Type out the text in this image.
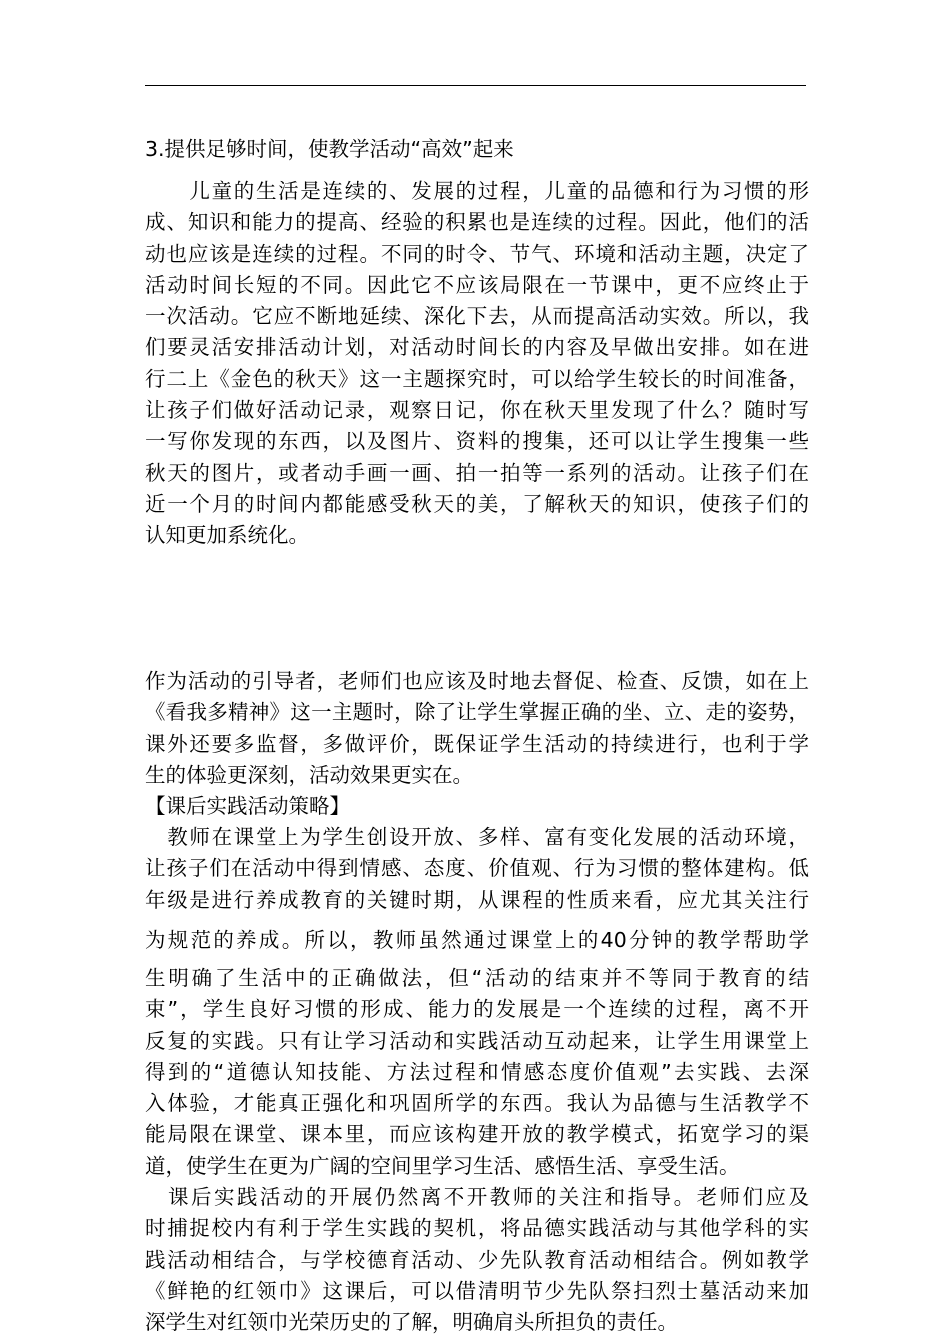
3.提供足够时间，使教学活动“高效”起来
　　儿童的生活是连续的、发展的过程，儿童的品德和行为习惯的形
成、知识和能力的提高、经验的积累也是连续的过程。因此，他们的活
动也应该是连续的过程。不同的时令、节气、环境和活动主题，决定了
活动时间长短的不同。因此它不应该局限在一节课中，更不应终止于
一次活动。它应不断地延续、深化下去，从而提高活动实效。所以，我
们要灵活安排活动计划，对活动时间长的内容及早做出安排。如在进
行二上《金色的秋天》这一主题探究时，可以给学生较长的时间准备，
让孩子们做好活动记录，观察日记，你在秋天里发现了什么？随时写
一写你发现的东西，以及图片、资料的搜集，还可以让学生搜集一些
秋天的图片，或者动手画一画、拍一拍等一系列的活动。让孩子们在
近一个月的时间内都能感受秋天的美，了解秋天的知识，使孩子们的
认知更加系统化。
作为活动的引导者，老师们也应该及时地去督促、检查、反馈，如在上
《看我多精神》这一主题时，除了让学生掌握正确的坐、立、走的姿势，
课外还要多监督，多做评价，既保证学生活动的持续进行，也利于学
生的体验更深刻，活动效果更实在。
【课后实践活动策略】
　教师在课堂上为学生创设开放、多样、富有变化发展的活动环境，
让孩子们在活动中得到情感、态度、价值观、行为习惯的整体建构。低
年级是进行养成教育的关键时期，从课程的性质来看，应尤其关注行
为规范的养成。所以，教师虽然通过课堂上的40分钟的教学帮助学
生明确了生活中的正确做法，但“活动的结束并不等同于教育的结
束”，学生良好习惯的形成、能力的发展是一个连续的过程，离不开
反复的实践。只有让学习活动和实践活动互动起来，让学生用课堂上
得到的“道德认知技能、方法过程和情感态度价值观”去实践、去深
入体验，才能真正强化和巩固所学的东西。我认为品德与生活教学不
能局限在课堂、课本里，而应该构建开放的教学模式，拓宽学习的渠
道，使学生在更为广阔的空间里学习生活、感悟生活、享受生活。
　课后实践活动的开展仍然离不开教师的关注和指导。老师们应及
时捕捉校内有利于学生实践的契机，将品德实践活动与其他学科的实
践活动相结合，与学校德育活动、少先队教育活动相结合。例如教学
《鲜艳的红领巾》这课后，可以借清明节少先队祭扫烈士墓活动来加
深学生对红领巾光荣历史的了解，明确肩头所担负的责任。
